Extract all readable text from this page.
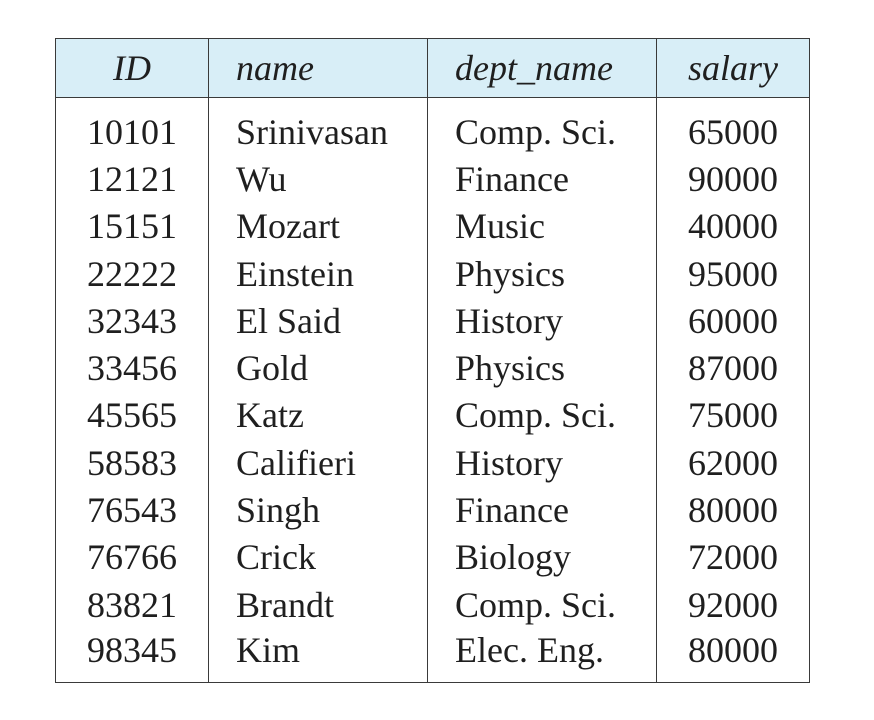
ID	name	dept_name	salary

10101	Srinivasan	Comp. Sci.	65000
12121	Wu	Finance	90000
15151	Mozart	Music	40000
22222	Einstein	Physics	95000
32343	El Said	History	60000
33456	Gold	Physics	87000
45565	Katz	Comp. Sci.	75000
58583	Califieri	History	62000
76543	Singh	Finance	80000
76766	Crick	Biology	72000
83821	Brandt	Comp. Sci.	92000
98345	Kim	Elec. Eng.	80000
